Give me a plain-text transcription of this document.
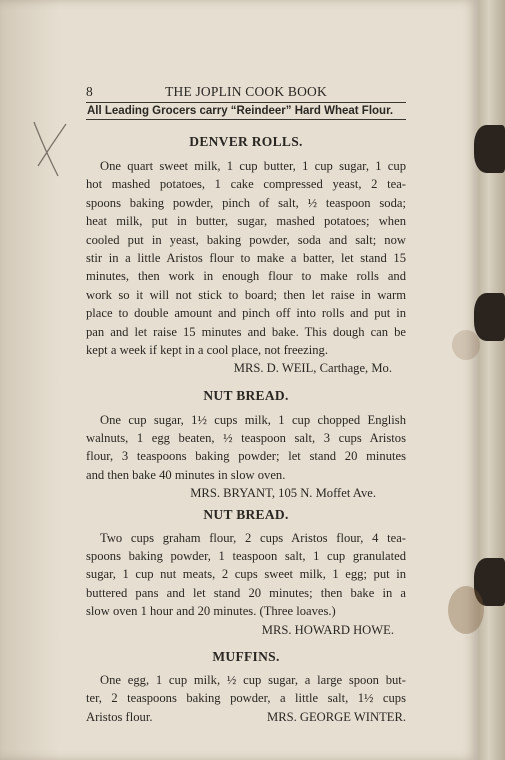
8	THE JOPLIN COOK BOOK
All Leading Grocers carry “Reindeer” Hard Wheat Flour.
DENVER ROLLS.
One quart sweet milk, 1 cup butter, 1 cup sugar, 1 cup
hot mashed potatoes, 1 cake compressed yeast, 2 tea-
spoons baking powder, pinch of salt, ½ teaspoon soda;
heat milk, put in butter, sugar, mashed potatoes; when
cooled put in yeast, baking powder, soda and salt; now
stir in a little Aristos flour to make a batter, let stand 15
minutes, then work in enough flour to make rolls and
work so it will not stick to board; then let raise in warm
place to double amount and pinch off into rolls and put in
pan and let raise 15 minutes and bake. This dough can be
kept a week if kept in a cool place, not freezing.
MRS. D. WEIL, Carthage, Mo.
NUT BREAD.
One cup sugar, 1½ cups milk, 1 cup chopped English
walnuts, 1 egg beaten, ½ teaspoon salt, 3 cups Aristos
flour, 3 teaspoons baking powder; let stand 20 minutes
and then bake 40 minutes in slow oven.
MRS. BRYANT, 105 N. Moffet Ave.
NUT BREAD.
Two cups graham flour, 2 cups Aristos flour, 4 tea-
spoons baking powder, 1 teaspoon salt, 1 cup granulated
sugar, 1 cup nut meats, 2 cups sweet milk, 1 egg; put in
buttered pans and let stand 20 minutes; then bake in a
slow oven 1 hour and 20 minutes. (Three loaves.)
MRS. HOWARD HOWE.
MUFFINS.
One egg, 1 cup milk, ½ cup sugar, a large spoon but-
ter, 2 teaspoons baking powder, a little salt, 1½ cups
Aristos flour.	MRS. GEORGE WINTER.
